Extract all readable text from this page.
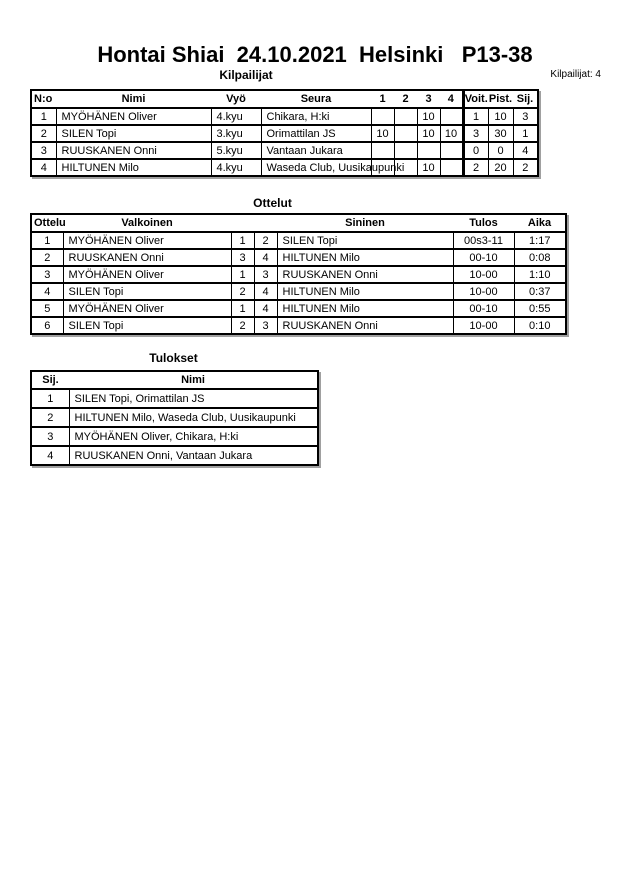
Hontai Shiai  24.10.2021  Helsinki   P13-38
Kilpailijat	Kilpailijat: 4
N:o	Nimi	Vyö	Seura	1	2	3	4	Voit.	Pist.	Sij.
1	MYÖHÄNEN Oliver	4.kyu	Chikara, H:ki			10		1	10	3
2	SILEN Topi	3.kyu	Orimattilan JS	10		10	10	3	30	1
3	RUUSKANEN Onni	5.kyu	Vantaan Jukara					0	0	4
4	HILTUNEN Milo	4.kyu	Waseda Club, Uusikaupunki			10		2	20	2
Ottelut
Ottelu	Valkoinen			Sininen	Tulos	Aika
1	MYÖHÄNEN Oliver	1	2	SILEN Topi	00s3-11	1:17
2	RUUSKANEN Onni	3	4	HILTUNEN Milo	00-10	0:08
3	MYÖHÄNEN Oliver	1	3	RUUSKANEN Onni	10-00	1:10
4	SILEN Topi	2	4	HILTUNEN Milo	10-00	0:37
5	MYÖHÄNEN Oliver	1	4	HILTUNEN Milo	00-10	0:55
6	SILEN Topi	2	3	RUUSKANEN Onni	10-00	0:10
Tulokset
Sij.	Nimi
1	SILEN Topi, Orimattilan JS
2	HILTUNEN Milo, Waseda Club, Uusikaupunki
3	MYÖHÄNEN Oliver, Chikara, H:ki
4	RUUSKANEN Onni, Vantaan Jukara
